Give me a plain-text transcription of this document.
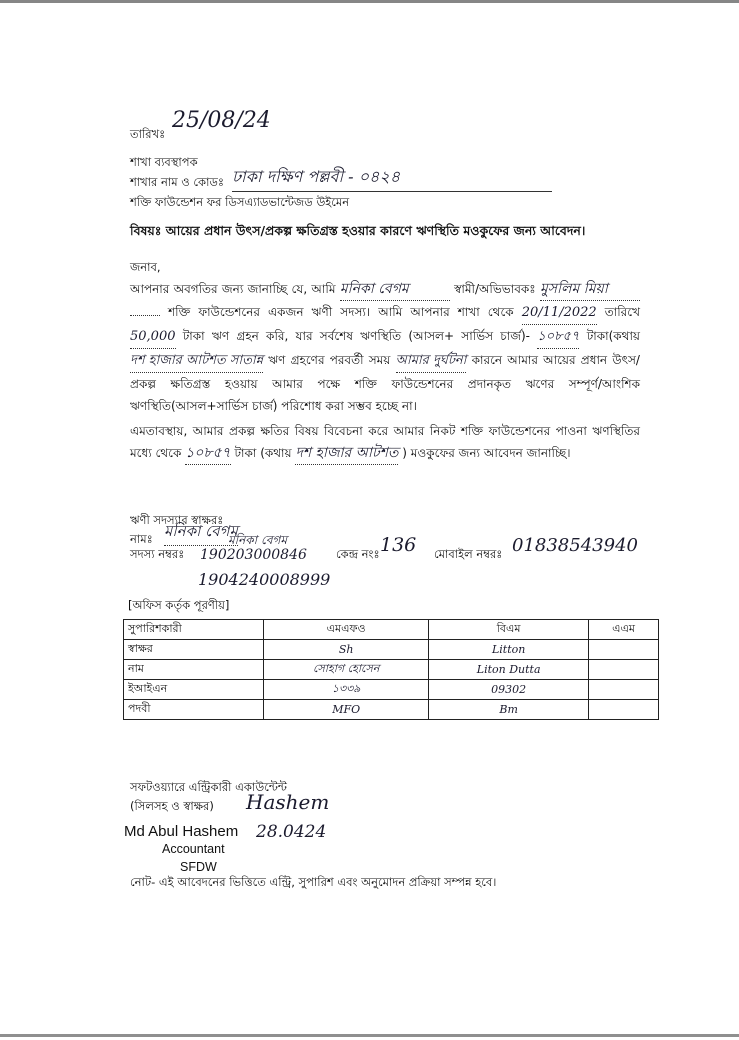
তারিখঃ
25/08/24
শাখা ব্যবস্থাপক
শাখার নাম ও কোডঃ ঢাকা দক্ষিণ পল্লবী - ০৪২৪
শক্তি ফাউন্ডেশন ফর ডিসএ্যাডভান্টেজড উইমেন
বিষয়ঃ আয়ের প্রধান উৎস/প্রকল্প ক্ষতিগ্রস্ত হওয়ার কারণে ঋণস্থিতি মওকুফের জন্য আবেদন।
জনাব,
আপনার অবগতির জন্য জানাচ্ছি যে, আমি মনিকা বেগম	স্বামী/অভিভাবকঃ মুসলিম মিয়া  শক্তি ফাউন্ডেশনের একজন ঋণী সদস্য। আমি আপনার শাখা থেকে 20/11/2022 তারিখে 50,000 টাকা ঋণ গ্রহন করি, যার সর্বশেষ ঋণস্থিতি (আসল+ সার্ভিস চার্জ)- ১০৮৫৭ টাকা(কথায় দশ হাজার আটশত সাতান্ন ঋণ গ্রহণের পরবর্তী সময় আমার দুর্ঘটনা কারনে আমার আয়ের প্রধান উৎস/প্রকল্প ক্ষতিগ্রস্ত হওয়ায় আমার পক্ষে শক্তি ফাউন্ডেশনের প্রদানকৃত ঋণের সম্পূর্ণ/আংশিক ঋণস্থিতি(আসল+সার্ভিস চার্জ) পরিশোধ করা সম্ভব হচ্ছে না।
এমতাবস্থায়, আমার প্রকল্প ক্ষতির বিষয় বিবেচনা করে আমার নিকট শক্তি ফাউন্ডেশনের পাওনা ঋণস্থিতির মধ্যে থেকে ১০৮৫৭ টাকা (কথায় দশ হাজার আটশত ) মওকুফের জন্য আবেদন জানাচ্ছি।
ঋণী সদস্যার স্বাক্ষরঃ
নামঃ মনিকা বেগম
সদস্য নম্বরঃ
মনিকা বেগম
190203000846
1904240008999
কেন্দ্র নংঃ 136 মোবাইল নম্বরঃ 01838543940
[অফিস কর্তৃক পূরণীয়]
সুপারিশকারী	এমএফও	বিএম	এএম
স্বাক্ষর	Sh	Litton	
নাম	সোহাগ হোসেন	Liton Dutta	
ইআইএন	১৩৩৯	09302	
পদবী	MFO	Bm	
সফটওয়্যারে এন্ট্রিকারী একাউন্টেন্ট
(সিলসহ ও স্বাক্ষর) Hashem
Md Abul Hashem 28.0424
Accountant
SFDW
নোট- এই আবেদনের ভিত্তিতে এন্ট্রি, সুপারিশ এবং অনুমোদন প্রক্রিয়া সম্পন্ন হবে।
